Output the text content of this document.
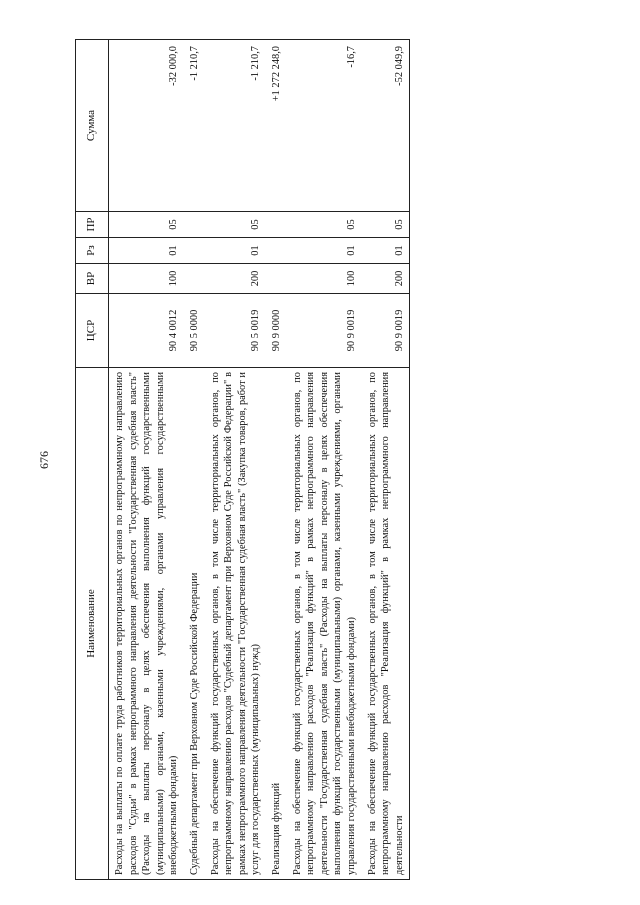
676
Наименование	ЦСР	ВР	Рз	ПР	Сумма
Расходы на выплаты по оплате труда работников территориальных органов по непрограммному направлению расходов "Судьи" в рамках непрограммного направления деятельности "Государственная судебная власть" (Расходы на выплаты персоналу в целях обеспечения выполнения функций государственными (муниципальными) органами, казенными учреждениями, органами управления государственными внебюджетными фондами)	90 4 0012	100	01	05	-32 000,0
Судебный департамент при Верховном Суде Российской Федерации	90 5 0000				-1 210,7
Расходы на обеспечение функций государственных органов, в том числе территориальных органов, по непрограммному направлению расходов "Судебный департамент при Верховном Суде Российской Федерации" в рамках непрограммного направления деятельности "Государственная судебная власть" (Закупка товаров, работ и услуг для государственных (муниципальных) нужд)	90 5 0019	200	01	05	-1 210,7
Реализация функций	90 9 0000				+1 272 248,0
Расходы на обеспечение функций государственных органов, в том числе территориальных органов, по непрограммному направлению расходов "Реализация функций" в рамках непрограммного направления деятельности "Государственная судебная власть" (Расходы на выплаты персоналу в целях обеспечения выполнения функций государственными (муниципальными) органами, казенными учреждениями, органами управления государственными внебюджетными фондами)	90 9 0019	100	01	05	-16,7
Расходы на обеспечение функций государственных органов, в том числе территориальных органов, по непрограммному направлению расходов "Реализация функций" в рамках непрограммного направления деятельности	90 9 0019	200	01	05	-52 049,9
